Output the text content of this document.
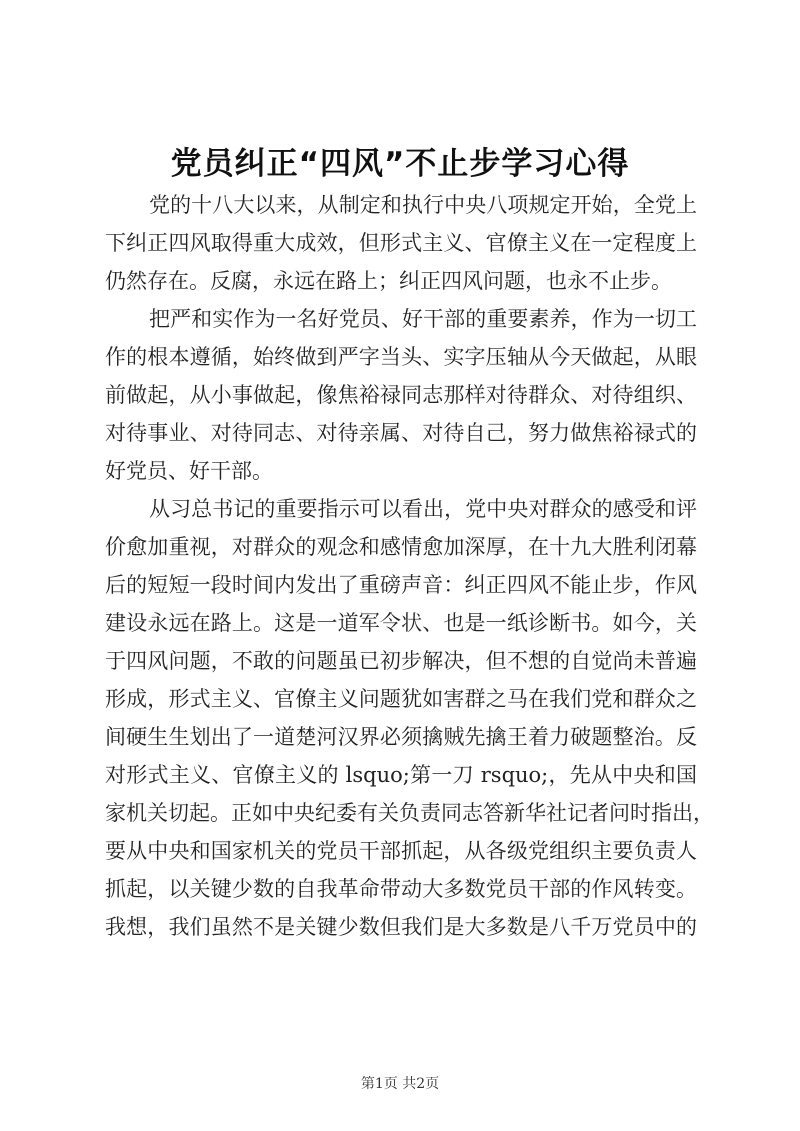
党员纠正“四风”不止步学习心得
党的十八大以来，从制定和执行中央八项规定开始，全党上
下纠正四风取得重大成效，但形式主义、官僚主义在一定程度上
仍然存在。反腐，永远在路上；纠正四风问题，也永不止步。
把严和实作为一名好党员、好干部的重要素养，作为一切工
作的根本遵循，始终做到严字当头、实字压轴从今天做起，从眼
前做起，从小事做起，像焦裕禄同志那样对待群众、对待组织、
对待事业、对待同志、对待亲属、对待自己，努力做焦裕禄式的
好党员、好干部。
从习总书记的重要指示可以看出，党中央对群众的感受和评
价愈加重视，对群众的观念和感情愈加深厚，在十九大胜利闭幕
后的短短一段时间内发出了重磅声音：纠正四风不能止步，作风
建设永远在路上。这是一道军令状、也是一纸诊断书。如今，关
于四风问题，不敢的问题虽已初步解决，但不想的自觉尚未普遍
形成，形式主义、官僚主义问题犹如害群之马在我们党和群众之
间硬生生划出了一道楚河汉界必须擒贼先擒王着力破题整治。反
对形式主义、官僚主义的 lsquo;第一刀 rsquo;，先从中央和国
家机关切起。正如中央纪委有关负责同志答新华社记者问时指出，
要从中央和国家机关的党员干部抓起，从各级党组织主要负责人
抓起，以关键少数的自我革命带动大多数党员干部的作风转变。
我想，我们虽然不是关键少数但我们是大多数是八千万党员中的
第1页 共2页
